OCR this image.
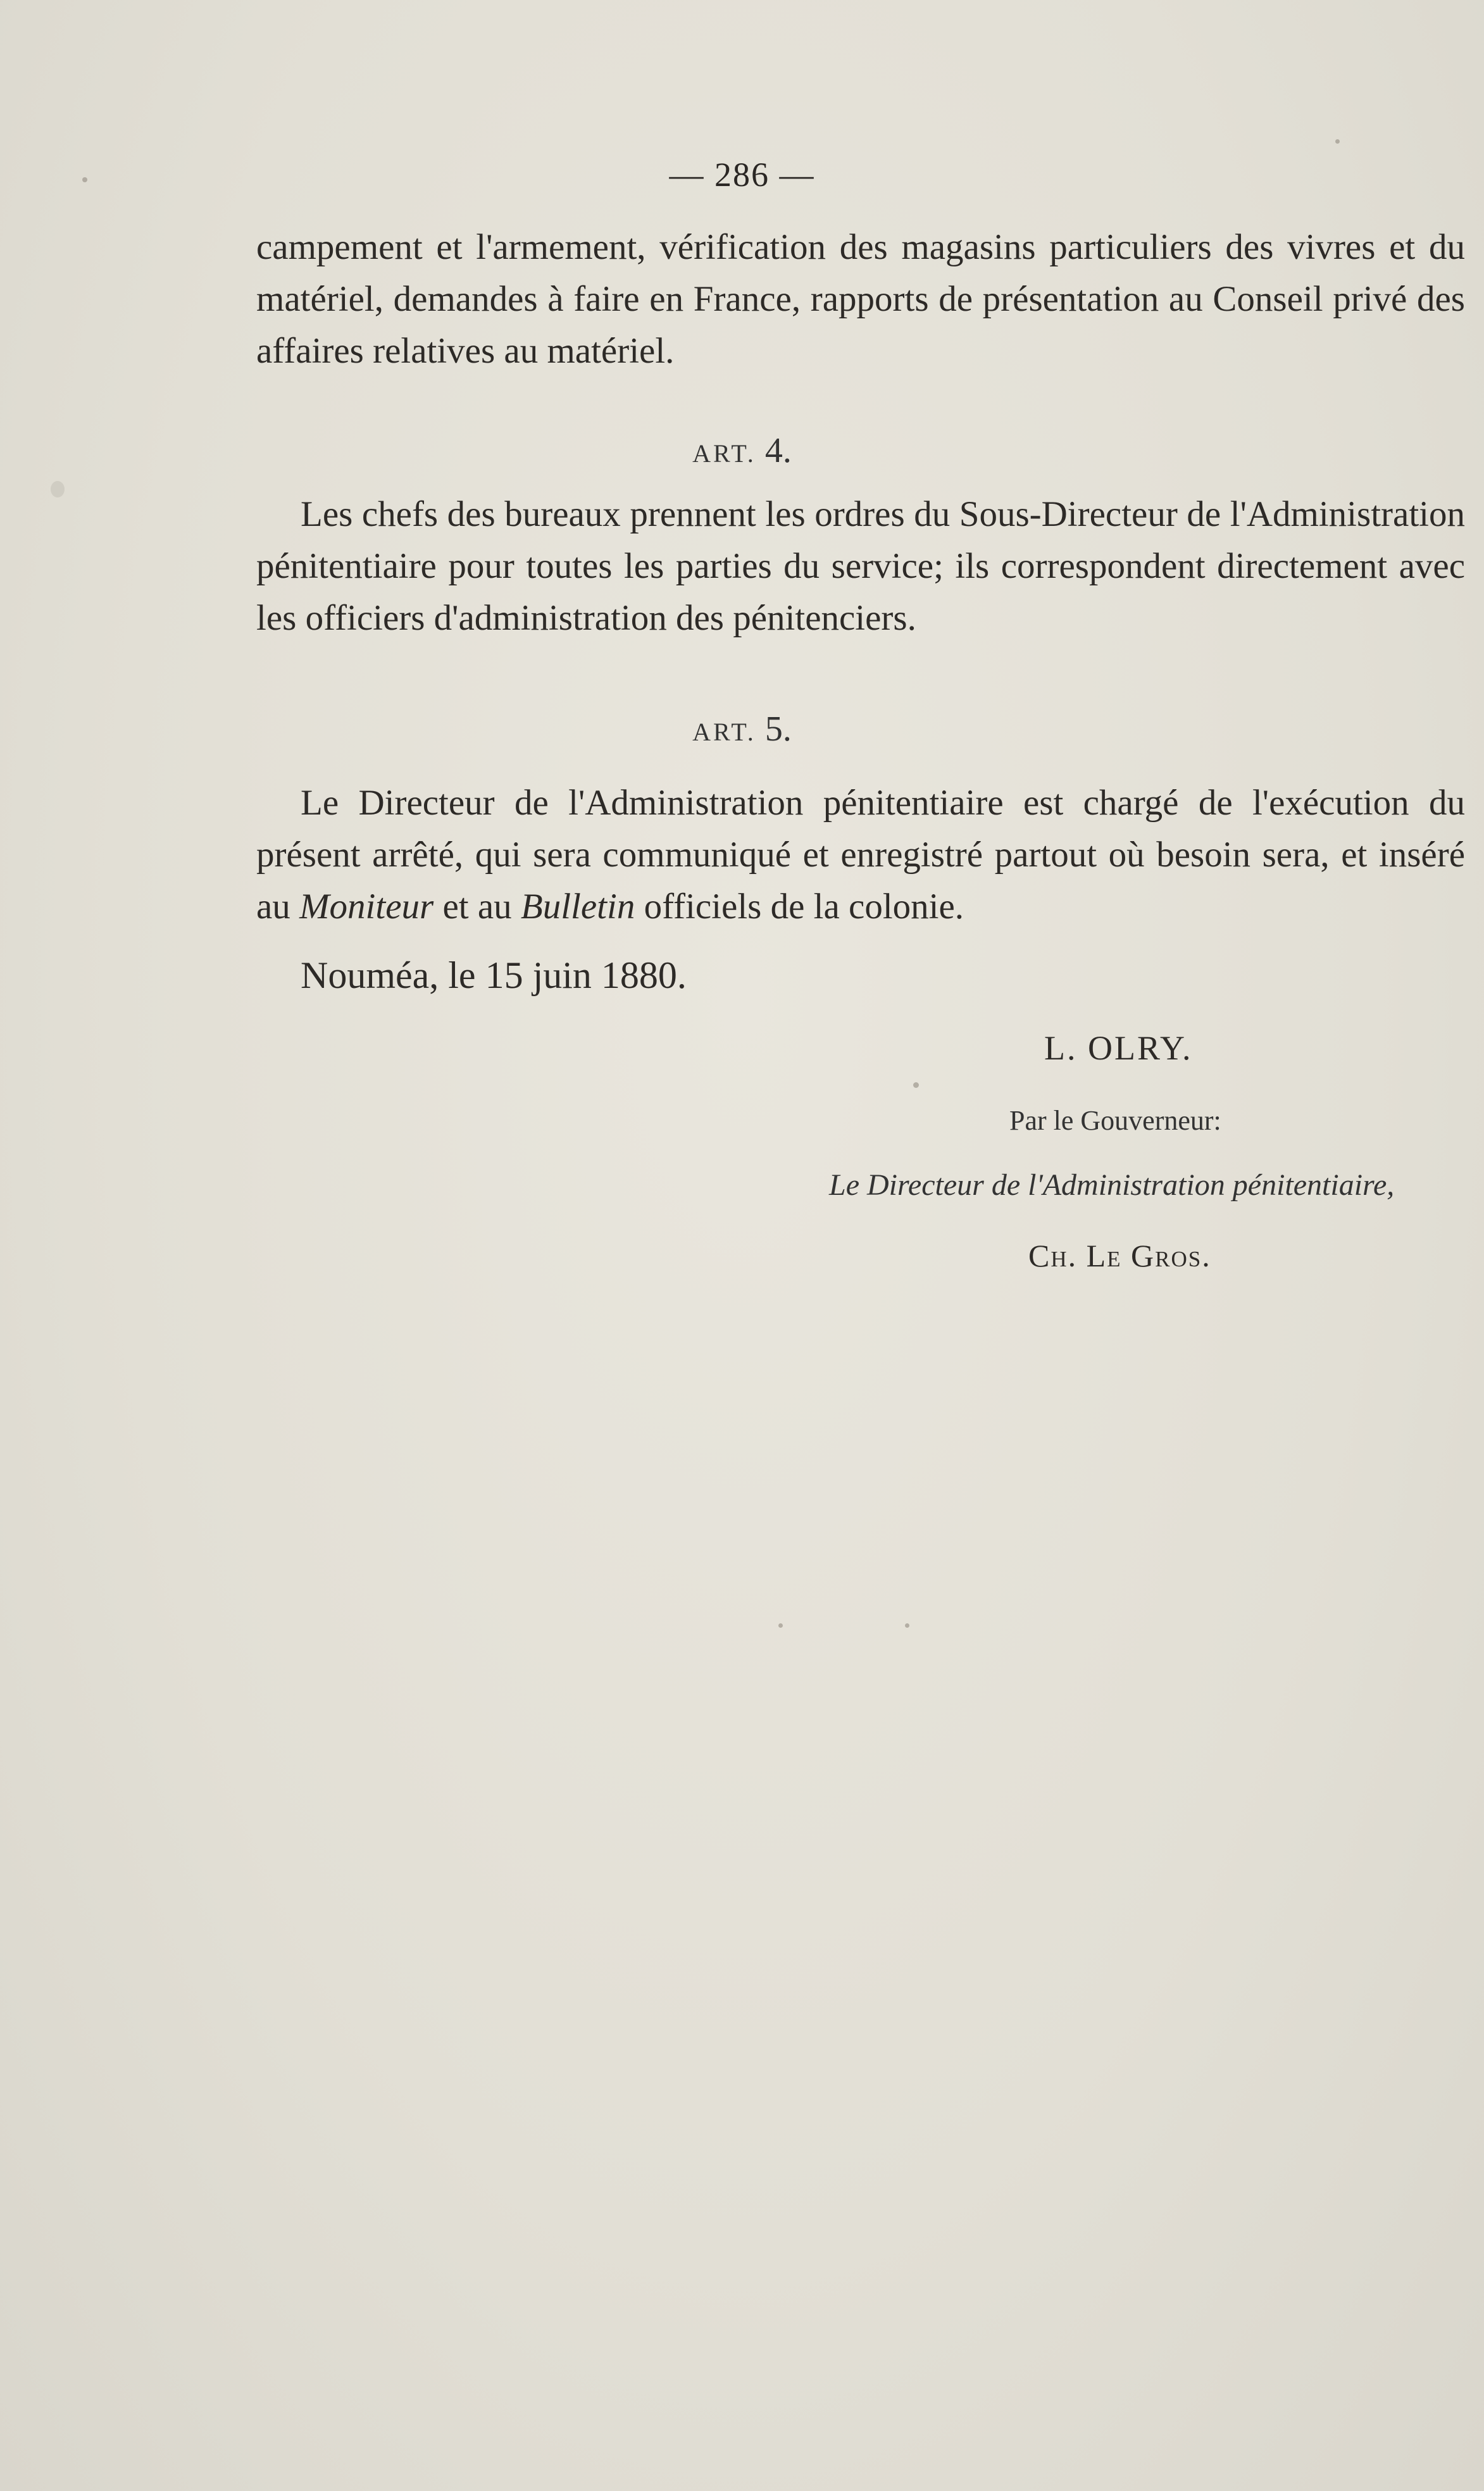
— 286 —
campement et l'armement, vérification des magasins particuliers des vivres et du matériel, demandes à faire en France, rapports de présentation au Conseil privé des affaires relatives au matériel.
ART. 4.
Les chefs des bureaux prennent les ordres du Sous-Directeur de l'Administration pénitentiaire pour toutes les parties du service; ils correspondent directement avec les officiers d'administration des pénitenciers.
ART. 5.
Le Directeur de l'Administration pénitentiaire est chargé de l'exécution du présent arrêté, qui sera communiqué et enregistré partout où besoin sera, et inséré au Moniteur et au Bulletin officiels de la colonie.
Nouméa, le 15 juin 1880.
L. OLRY.
Par le Gouverneur:
Le Directeur de l'Administration pénitentiaire,
Ch. Le Gros.
